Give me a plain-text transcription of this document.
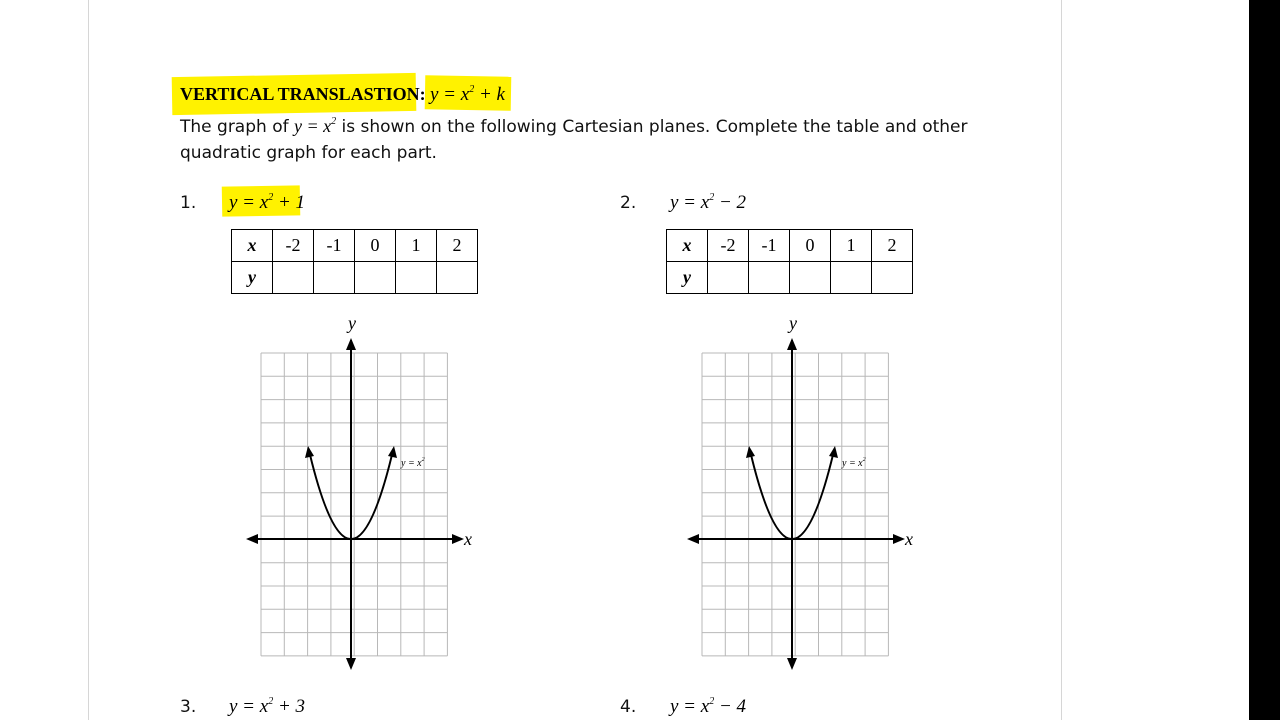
VERTICAL TRANSLASTION: $y = x^2 + k$
The graph of $y = x^2$ is shown on the following Cartesian planes. Complete the table and other
quadratic graph for each part.
1. $y = x^2 + 1$	2. $y = x^2 - 2$
3. $y = x^2 + 3$	4. $y = x^2 - 4$
x	-2	-1	0	1	2
y					
x	-2	-1	0	1	2
y					
y
x
$y = x^2$
y
x
$y = x^2$
